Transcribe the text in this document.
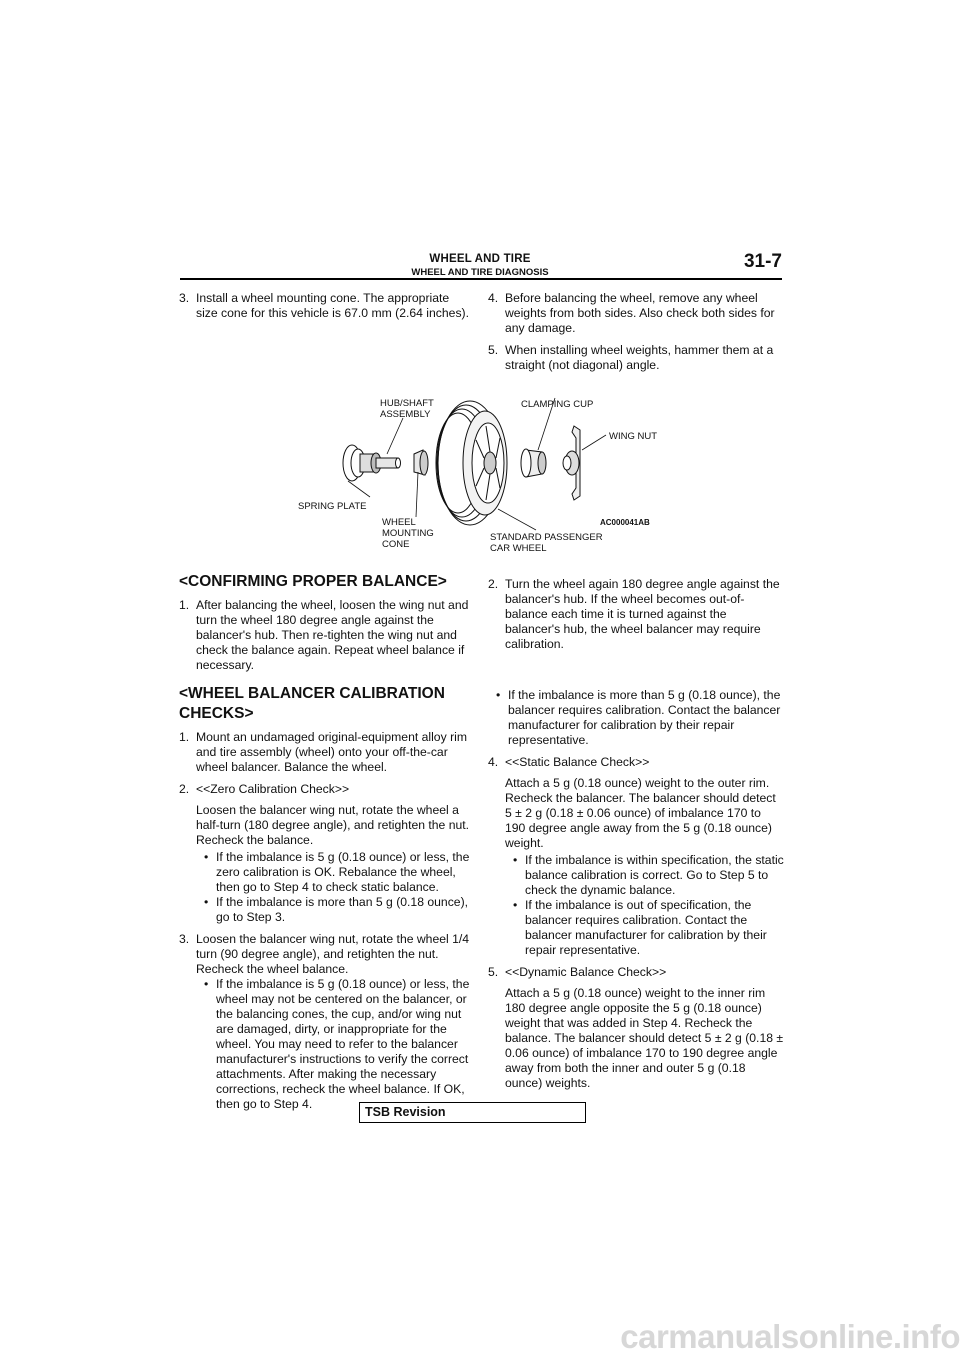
WHEEL AND TIRE
WHEEL AND TIRE DIAGNOSIS
31-7
3. Install a wheel mounting cone. The appropriate size cone for this vehicle is 67.0 mm (2.64 inches).
4. Before balancing the wheel, remove any wheel weights from both sides. Also check both sides for any damage.
5. When installing wheel weights, hammer them at a straight (not diagonal) angle.
HUB/SHAFT
ASSEMBLY
CLAMPING CUP
WING NUT
SPRING PLATE
WHEEL
MOUNTING
CONE
STANDARD PASSENGER
CAR WHEEL
AC000041AB
<CONFIRMING PROPER BALANCE>
1. After balancing the wheel, loosen the wing nut and turn the wheel 180 degree angle against the balancer's hub. Then re-tighten the wing nut and check the balance again. Repeat wheel balance if necessary.
2. Turn the wheel again 180 degree angle against the balancer's hub. If the wheel becomes out-of-balance each time it is turned against the balancer's hub, the wheel balancer may require calibration.
<WHEEL BALANCER CALIBRATION CHECKS>
1. Mount an undamaged original-equipment alloy rim and tire assembly (wheel) onto your off-the-car wheel balancer. Balance the wheel.
2. <<Zero Calibration Check>>
Loosen the balancer wing nut, rotate the wheel a half-turn (180 degree angle), and retighten the nut. Recheck the balance.
• If the imbalance is 5 g (0.18 ounce) or less, the zero calibration is OK. Rebalance the wheel, then go to Step 4 to check static balance.
• If the imbalance is more than 5 g (0.18 ounce), go to Step 3.
3. Loosen the balancer wing nut, rotate the wheel 1/4 turn (90 degree angle), and retighten the nut. Recheck the wheel balance.
• If the imbalance is 5 g (0.18 ounce) or less, the wheel may not be centered on the balancer, or the balancing cones, the cup, and/or wing nut are damaged, dirty, or inappropriate for the wheel. You may need to refer to the balancer manufacturer's instructions to verify the correct attachments. After making the necessary corrections, recheck the wheel balance. If OK, then go to Step 4.
• If the imbalance is more than 5 g (0.18 ounce), the balancer requires calibration. Contact the balancer manufacturer for calibration by their repair representative.
4. <<Static Balance Check>>
Attach a 5 g (0.18 ounce) weight to the outer rim. Recheck the balancer. The balancer should detect 5 ± 2 g (0.18 ± 0.06 ounce) of imbalance 170 to 190 degree angle away from the 5 g (0.18 ounce) weight.
• If the imbalance is within specification, the static balance calibration is correct. Go to Step 5 to check the dynamic balance.
• If the imbalance is out of specification, the balancer requires calibration. Contact the balancer manufacturer for calibration by their repair representative.
5. <<Dynamic Balance Check>>
Attach a 5 g (0.18 ounce) weight to the inner rim 180 degree angle opposite the 5 g (0.18 ounce) weight that was added in Step 4. Recheck the balance. The balancer should detect 5 ± 2 g (0.18 ± 0.06 ounce) of imbalance 170 to 190 degree angle away from both the inner and outer 5 g (0.18 ounce) weights.
TSB Revision
carmanualsonline.info
